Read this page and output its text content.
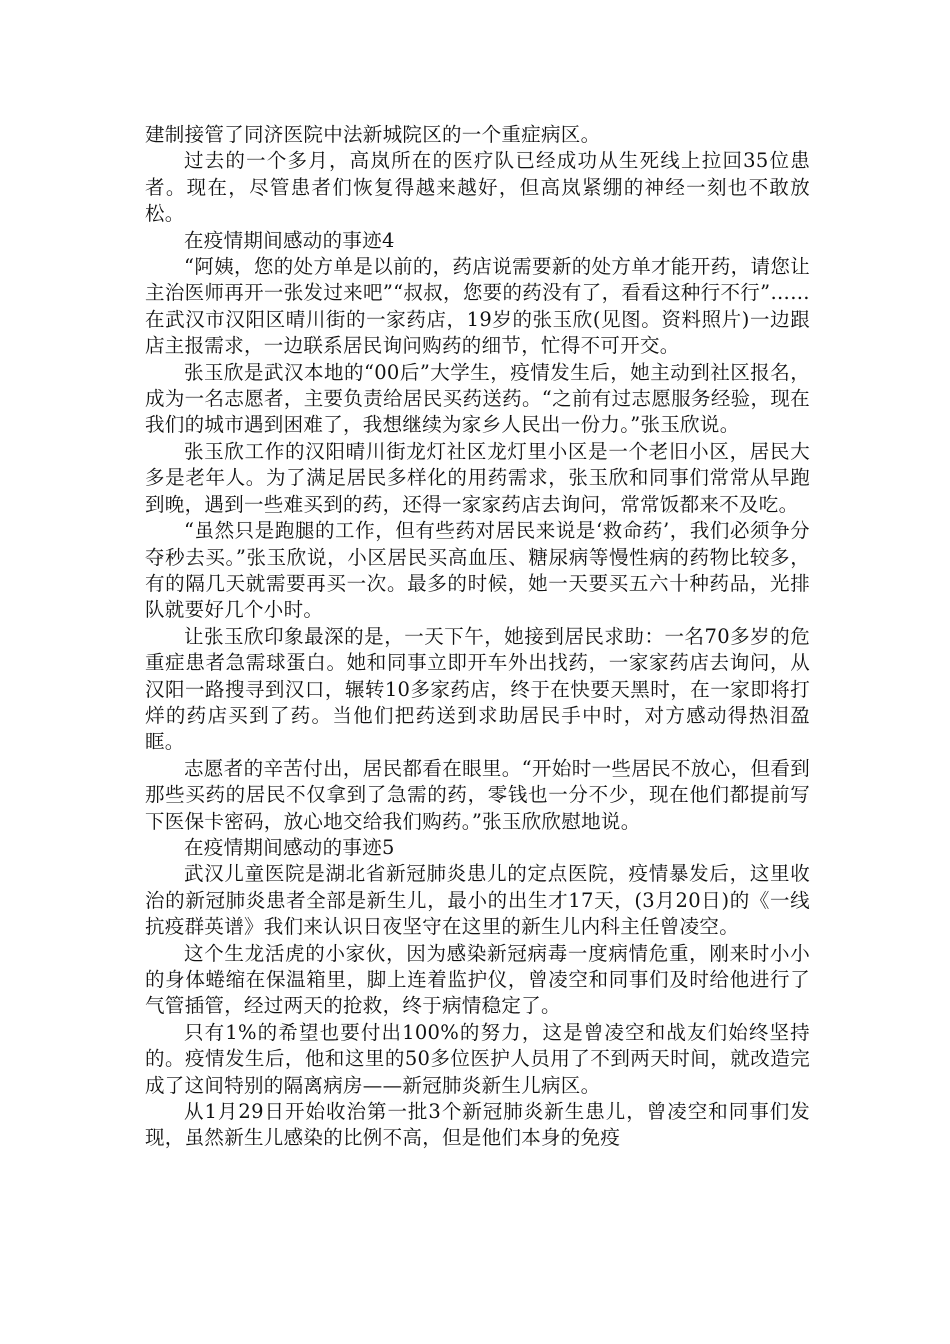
建制接管了同济医院中法新城院区的一个重症病区。

过去的一个多月，高岚所在的医疗队已经成功从生死线上拉回35位患者。现在，尽管患者们恢复得越来越好，但高岚紧绷的神经一刻也不敢放松。

在疫情期间感动的事迹4

“阿姨，您的处方单是以前的，药店说需要新的处方单才能开药，请您让主治医师再开一张发过来吧”“叔叔，您要的药没有了，看看这种行不行”……在武汉市汉阳区晴川街的一家药店，19岁的张玉欣(见图。资料照片)一边跟店主报需求，一边联系居民询问购药的细节，忙得不可开交。

张玉欣是武汉本地的“00后”大学生，疫情发生后，她主动到社区报名，成为一名志愿者，主要负责给居民买药送药。“之前有过志愿服务经验，现在我们的城市遇到困难了，我想继续为家乡人民出一份力。”张玉欣说。

张玉欣工作的汉阳晴川街龙灯社区龙灯里小区是一个老旧小区，居民大多是老年人。为了满足居民多样化的用药需求，张玉欣和同事们常常从早跑到晚，遇到一些难买到的药，还得一家家药店去询问，常常饭都来不及吃。

“虽然只是跑腿的工作，但有些药对居民来说是‘救命药’，我们必须争分夺秒去买。”张玉欣说，小区居民买高血压、糖尿病等慢性病的药物比较多，有的隔几天就需要再买一次。最多的时候，她一天要买五六十种药品，光排队就要好几个小时。

让张玉欣印象最深的是，一天下午，她接到居民求助：一名70多岁的危重症患者急需球蛋白。她和同事立即开车外出找药，一家家药店去询问，从汉阳一路搜寻到汉口，辗转10多家药店，终于在快要天黑时，在一家即将打烊的药店买到了药。当他们把药送到求助居民手中时，对方感动得热泪盈眶。

志愿者的辛苦付出，居民都看在眼里。“开始时一些居民不放心，但看到那些买药的居民不仅拿到了急需的药，零钱也一分不少，现在他们都提前写下医保卡密码，放心地交给我们购药。”张玉欣欣慰地说。

在疫情期间感动的事迹5

武汉儿童医院是湖北省新冠肺炎患儿的定点医院，疫情暴发后，这里收治的新冠肺炎患者全部是新生儿，最小的出生才17天，(3月20日)的《一线抗疫群英谱》我们来认识日夜坚守在这里的新生儿内科主任曾凌空。

这个生龙活虎的小家伙，因为感染新冠病毒一度病情危重，刚来时小小的身体蜷缩在保温箱里，脚上连着监护仪，曾凌空和同事们及时给他进行了气管插管，经过两天的抢救，终于病情稳定了。

只有1%的希望也要付出100%的努力，这是曾凌空和战友们始终坚持的。疫情发生后，他和这里的50多位医护人员用了不到两天时间，就改造完成了这间特别的隔离病房——新冠肺炎新生儿病区。

从1月29日开始收治第一批3个新冠肺炎新生患儿，曾凌空和同事们发现，虽然新生儿感染的比例不高，但是他们本身的免疫
